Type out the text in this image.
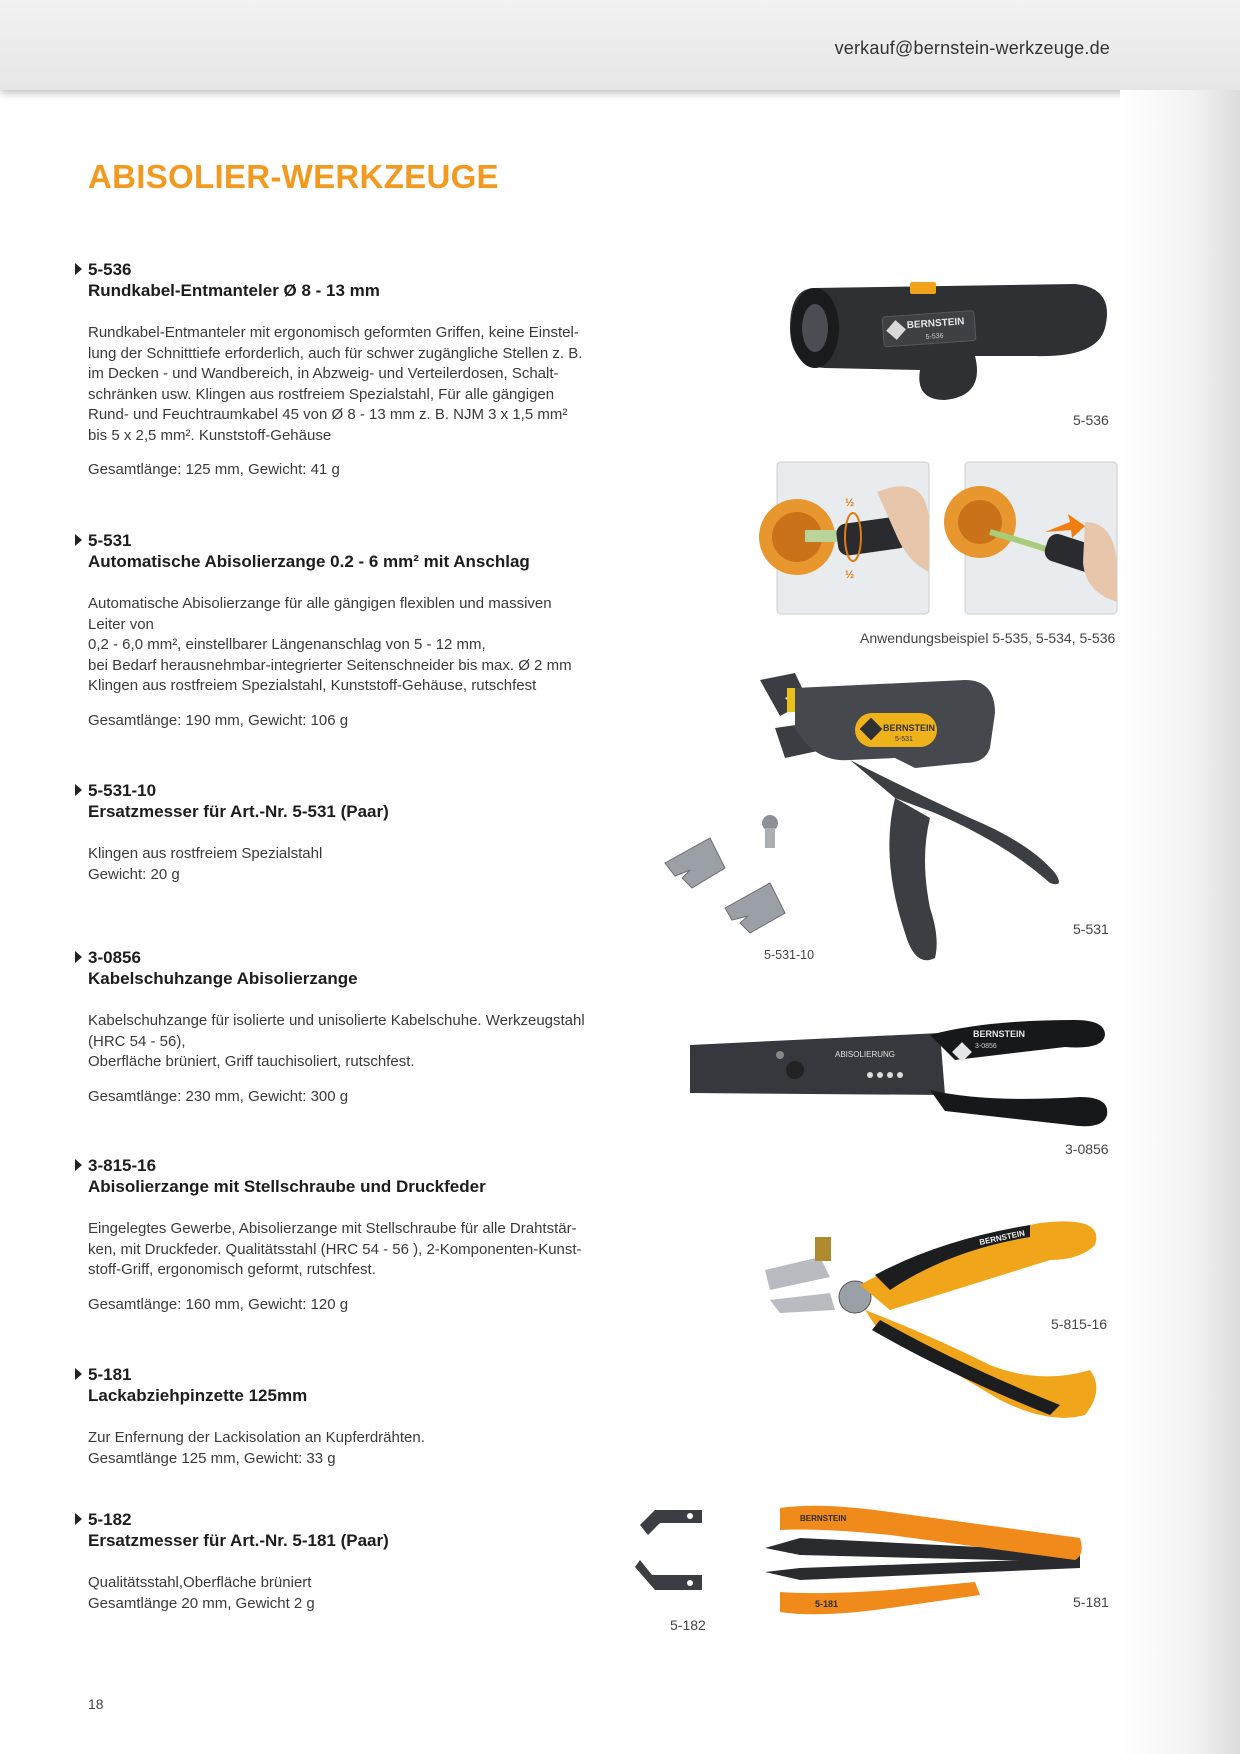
verkauf@bernstein-werkzeuge.de
ABISOLIER-WERKZEUGE
5-536
Rundkabel-Entmanteler Ø 8 - 13 mm
Rundkabel-Entmanteler mit ergonomisch geformten Griffen, keine Einstel-
lung der Schnitttiefe erforderlich, auch für schwer zugängliche Stellen z. B.
im Decken - und Wandbereich, in Abzweig- und Verteilerdosen, Schalt-
schränken usw. Klingen aus rostfreiem Spezialstahl, Für alle gängigen
Rund- und Feuchtraumkabel 45 von Ø 8 - 13 mm z. B. NJM 3 x 1,5 mm²
bis 5 x 2,5 mm². Kunststoff-Gehäuse
Gesamtlänge: 125 mm, Gewicht: 41 g
5-531
Automatische Abisolierzange 0.2 - 6 mm² mit Anschlag
Automatische Abisolierzange für alle gängigen flexiblen und massiven
Leiter von
0,2 - 6,0 mm², einstellbarer Längenanschlag von 5 - 12 mm,
bei Bedarf herausnehmbar-integrierter Seitenschneider bis max. Ø 2 mm
Klingen aus rostfreiem Spezialstahl, Kunststoff-Gehäuse, rutschfest
Gesamtlänge: 190 mm, Gewicht: 106 g
5-531-10
Ersatzmesser für Art.-Nr. 5-531 (Paar)
Klingen aus rostfreiem Spezialstahl
Gewicht: 20 g
3-0856
Kabelschuhzange Abisolierzange
Kabelschuhzange für isolierte und unisolierte Kabelschuhe. Werkzeugstahl
(HRC 54 - 56),
Oberfläche brüniert, Griff tauchisoliert, rutschfest.
Gesamtlänge: 230 mm, Gewicht: 300 g
3-815-16
Abisolierzange mit Stellschraube und Druckfeder
Eingelegtes Gewerbe, Abisolierzange mit Stellschraube für alle Drahtstär-
ken, mit Druckfeder. Qualitätsstahl (HRC 54 - 56 ), 2-Komponenten-Kunst-
stoff-Griff, ergonomisch geformt, rutschfest.
Gesamtlänge: 160 mm, Gewicht: 120 g
5-181
Lackabziehpinzette 125mm
Zur Enfernung der Lackisolation an Kupferdrähten.
Gesamtlänge 125 mm, Gewicht: 33 g
5-182
Ersatzmesser für Art.-Nr. 5-181 (Paar)
Qualitätsstahl,Oberfläche brüniert
Gesamtlänge 20 mm, Gewicht 2 g
BERNSTEIN
5-536
5-536
½
½
Anwendungsbeispiel 5-535, 5-534, 5-536
BERNSTEIN
5-531
5-531-10
5-531
BERNSTEIN
3-0856
ABISOLIERUNG
3-0856
BERNSTEIN
5-815-16
5-182
BERNSTEIN
5-181	5-181
18
